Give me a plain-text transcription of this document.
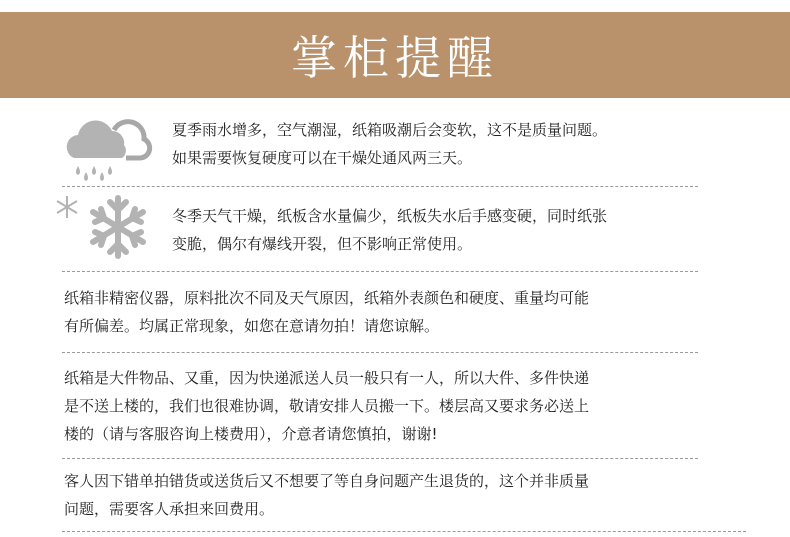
掌柜提醒

夏季雨水增多，空气潮湿，纸箱吸潮后会变软，这不是质量问题。

如果需要恢复硬度可以在干燥处通风两三天。

冬季天气干燥，纸板含水量偏少，纸板失水后手感变硬，同时纸张

变脆，偶尔有爆线开裂，但不影响正常使用。

纸箱非精密仪器，原料批次不同及天气原因，纸箱外表颜色和硬度、重量均可能

有所偏差。均属正常现象，如您在意请勿拍！请您谅解。

纸箱是大件物品、又重，因为快递派送人员一般只有一人，所以大件、多件快递

是不送上楼的，我们也很难协调，敬请安排人员搬一下。楼层高又要求务必送上

楼的（请与客服咨询上楼费用），介意者请您慎拍，谢谢!

客人因下错单拍错货或送货后又不想要了等自身问题产生退货的，这个并非质量

问题，需要客人承担来回费用。
